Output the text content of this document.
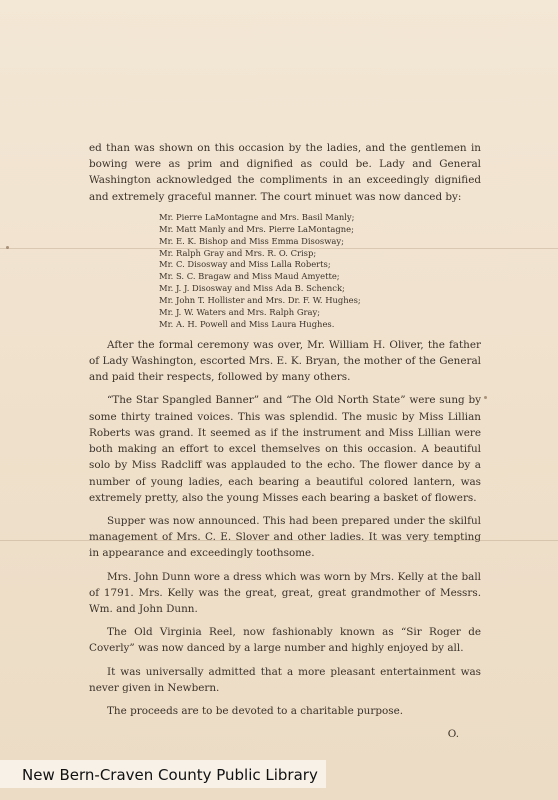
ed than was shown on this occasion by the ladies, and the gentlemen in bowing were as prim and dignified as could be. Lady and General Washington acknowledged the compliments in an exceedingly dignified and extremely graceful manner. The court minuet was now danced by:

Mr. Pierre LaMontagne and Mrs. Basil Manly;
Mr. Matt Manly and Mrs. Pierre LaMontagne;
Mr. E. K. Bishop and Miss Emma Disosway;
Mr. Ralph Gray and Mrs. R. O. Crisp;
Mr. C. Disosway and Miss Lalla Roberts;
Mr. S. C. Bragaw and Miss Maud Amyette;
Mr. J. J. Disosway and Miss Ada B. Schenck;
Mr. John T. Hollister and Mrs. Dr. F. W. Hughes;
Mr. J. W. Waters and Mrs. Ralph Gray;
Mr. A. H. Powell and Miss Laura Hughes.

After the formal ceremony was over, Mr. William H. Oliver, the father of Lady Washington, escorted Mrs. E. K. Bryan, the mother of the General and paid their respects, followed by many others.

“The Star Spangled Banner” and “The Old North State” were sung by some thirty trained voices. This was splendid. The music by Miss Lillian Roberts was grand. It seemed as if the instrument and Miss Lillian were both making an effort to excel themselves on this occasion. A beautiful solo by Miss Radcliff was applauded to the echo. The flower dance by a number of young ladies, each bearing a beautiful colored lantern, was extremely pretty, also the young Misses each bearing a basket of flowers.

Supper was now announced. This had been prepared under the skilful management of Mrs. C. E. Slover and other ladies. It was very tempting in appearance and exceedingly toothsome.

Mrs. John Dunn wore a dress which was worn by Mrs. Kelly at the ball of 1791. Mrs. Kelly was the great, great, great grandmother of Messrs. Wm. and John Dunn.

The Old Virginia Reel, now fashionably known as “Sir Roger de Coverly” was now danced by a large number and highly enjoyed by all.

It was universally admitted that a more pleasant entertainment was never given in Newbern.

The proceeds are to be devoted to a charitable purpose.

O.
New Bern-Craven County Public Library
